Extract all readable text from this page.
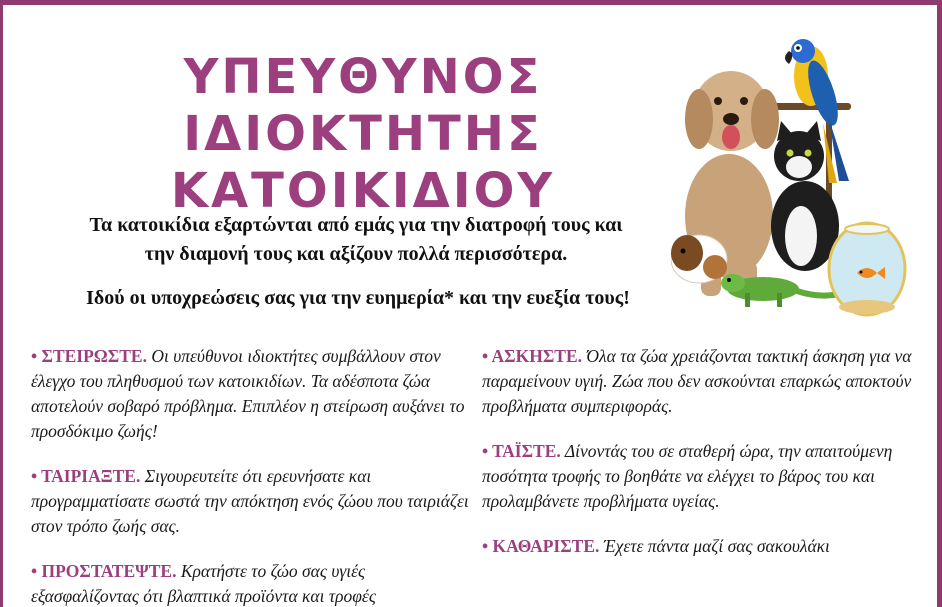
ΥΠΕΥΘΥΝΟΣ
ΙΔΙΟΚΤΗΤΗΣ
ΚΑΤΟΙΚΙΔΙΟΥ

Τα κατοικίδια εξαρτώνται από εμάς για την διατροφή τους και
την διαμονή τους και αξίζουν πολλά περισσότερα.

Ιδού οι υποχρεώσεις σας για την ευημερία* και την ευεξία τους!

• ΣΤΕΙΡΩΣΤΕ. Οι υπεύθυνοι ιδιοκτήτες συμβάλλουν στον έλεγχο του πληθυσμού των κατοικιδίων. Τα αδέσποτα ζώα αποτελούν σοβαρό πρόβλημα. Επιπλέον η στείρωση αυξάνει το προσδόκιμο ζωής!

• ΤΑΙΡΙΑΞΤΕ. Σιγουρευτείτε ότι ερευνήσατε και προγραμματίσατε σωστά την απόκτηση ενός ζώου που ταιριάζει στον τρόπο ζωής σας.

• ΠΡΟΣΤΑΤΕΨΤΕ. Κρατήστε το ζώο σας υγιές εξασφαλίζοντας ότι βλαπτικά προϊόντα και τροφές

• ΑΣΚΗΣΤΕ. Όλα τα ζώα χρειάζονται τακτική άσκηση για να παραμείνουν υγιή. Ζώα που δεν ασκούνται επαρκώς αποκτούν προβλήματα συμπεριφοράς.

• ΤΑΪΣΤΕ. Δίνοντάς του σε σταθερή ώρα, την απαιτούμενη ποσότητα τροφής το βοηθάτε να ελέγχει το βάρος του και προλαμβάνετε προβλήματα υγείας.

• ΚΑΘΑΡΙΣΤΕ. Έχετε πάντα μαζί σας σακουλάκι
